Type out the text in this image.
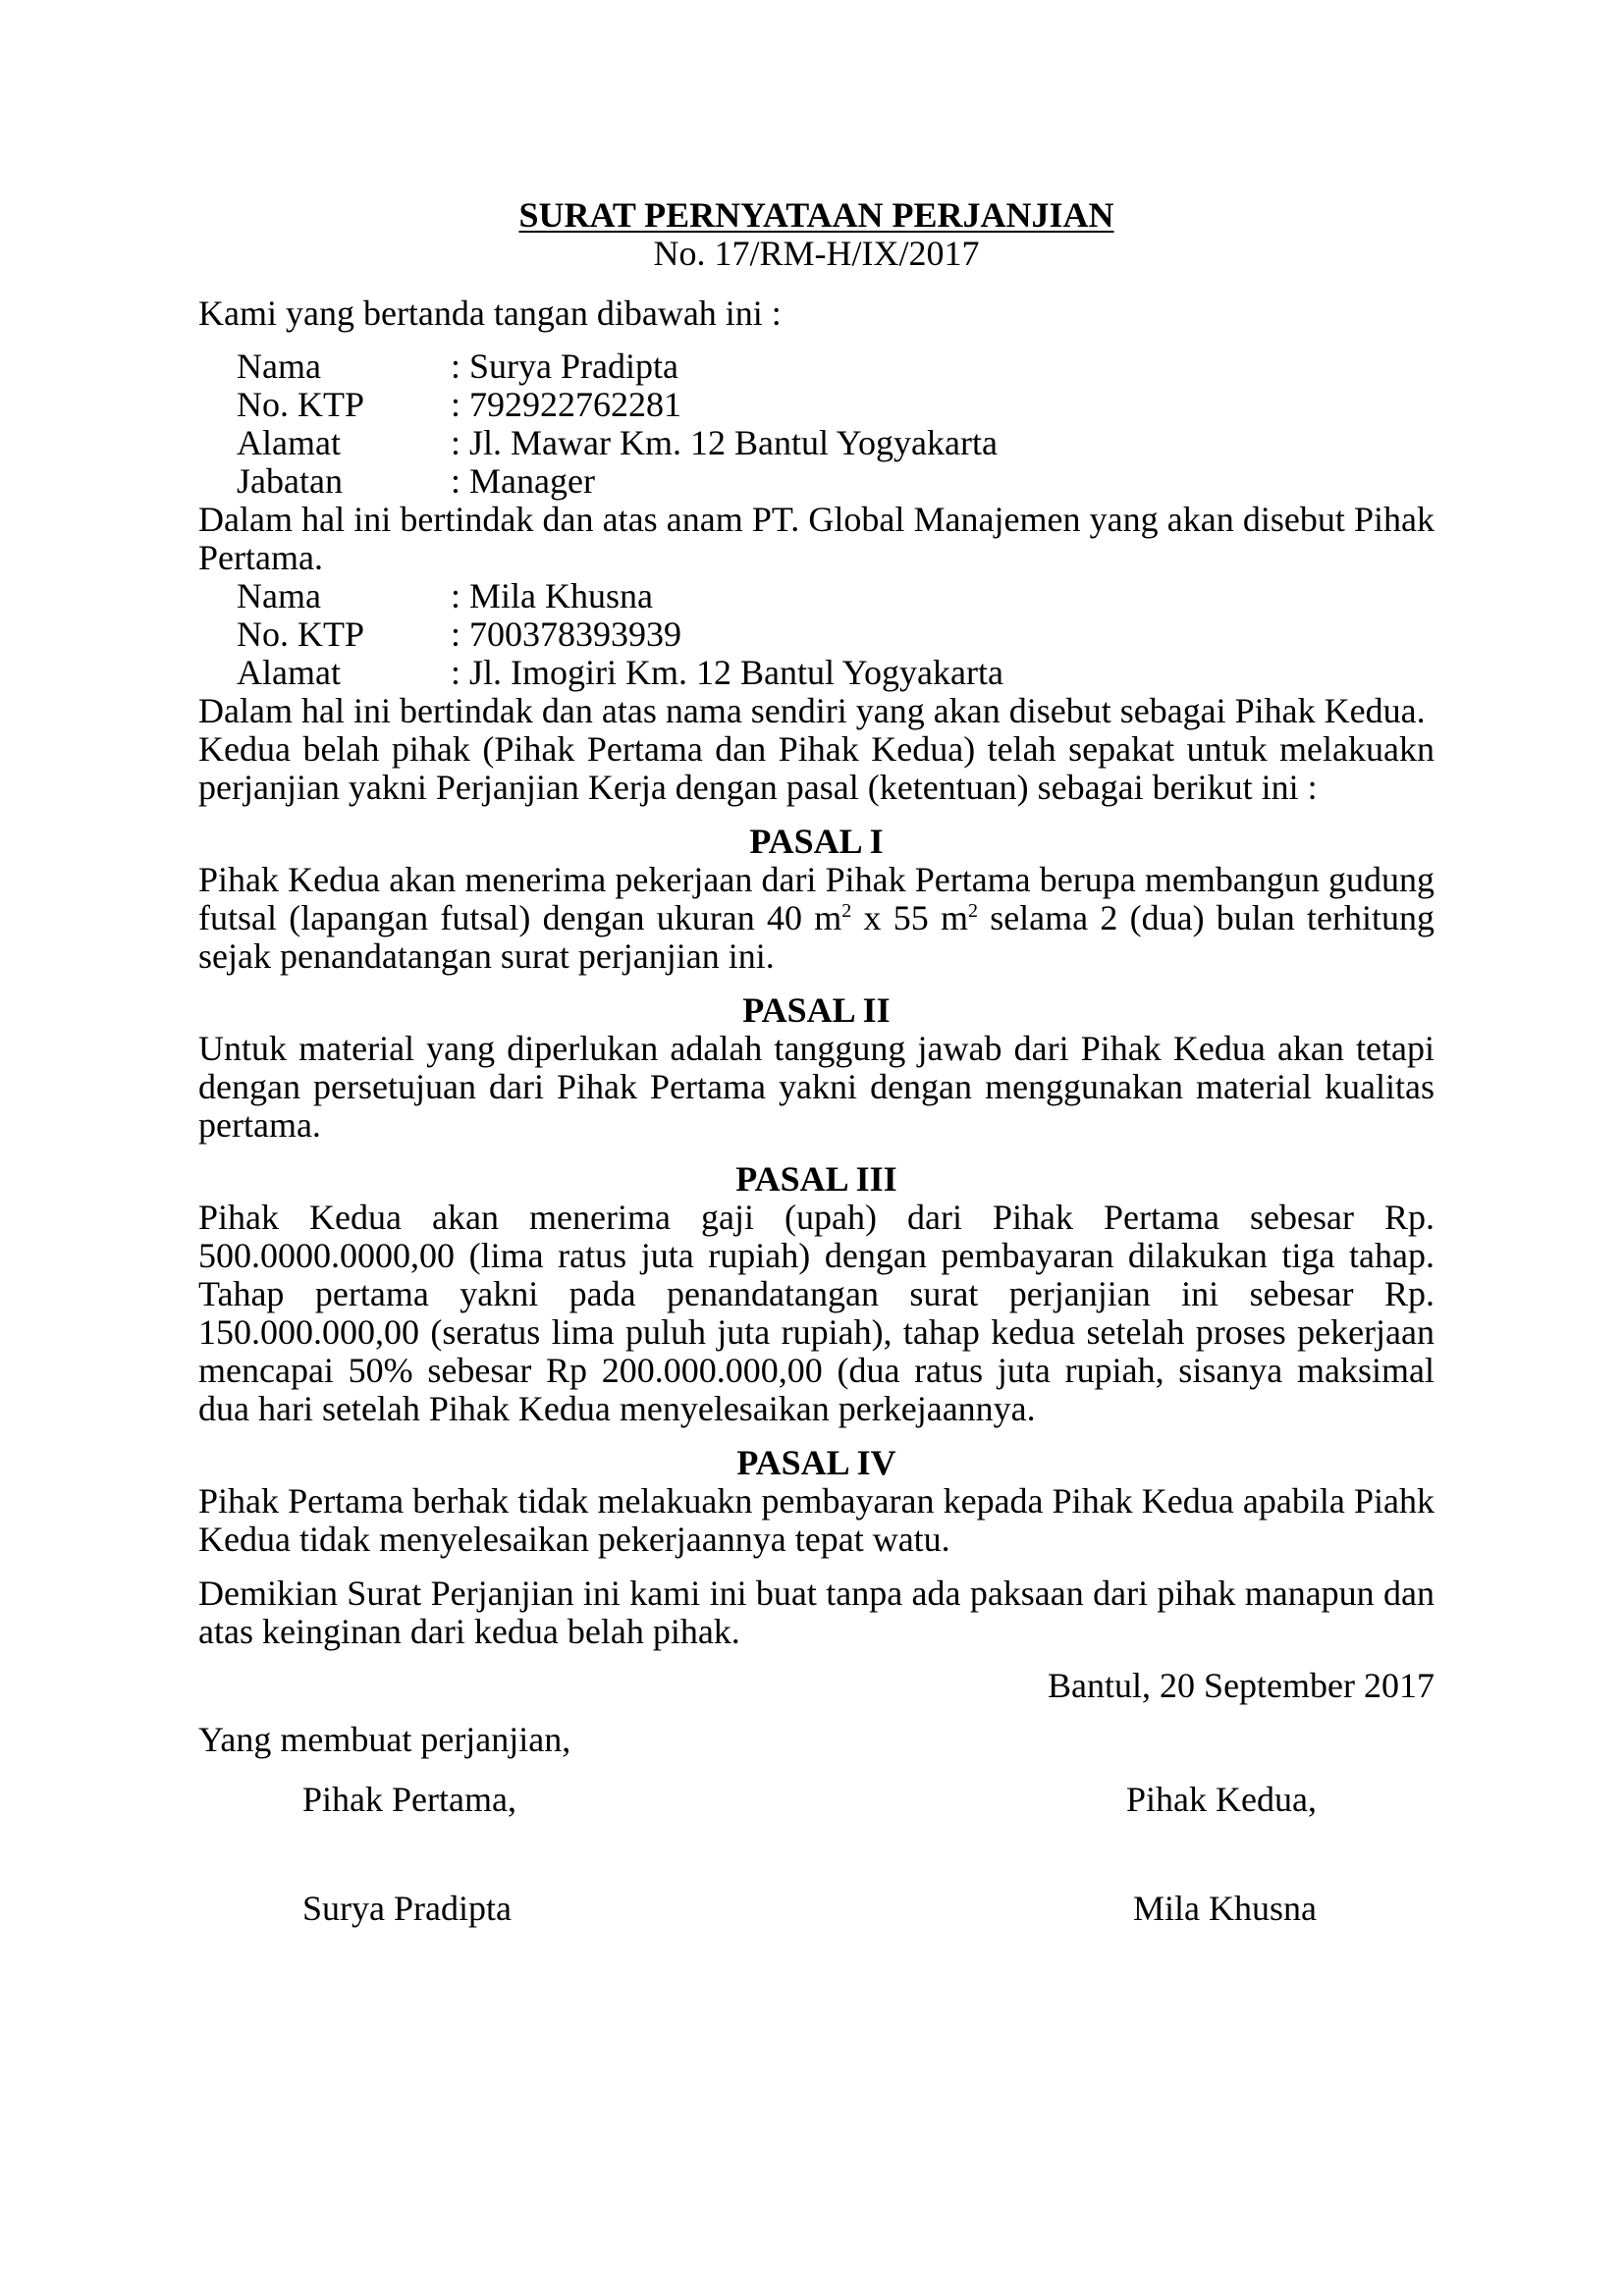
SURAT PERNYATAAN PERJANJIAN

No. 17/RM-H/IX/2017

Kami yang bertanda tangan dibawah ini :

Nama	: Surya Pradipta
No. KTP	: 792922762281
Alamat	: Jl. Mawar Km. 12 Bantul Yogyakarta
Jabatan	: Manager

Dalam hal ini bertindak dan atas anam PT. Global Manajemen yang akan disebut Pihak Pertama.

Nama	: Mila Khusna
No. KTP	: 700378393939
Alamat	: Jl. Imogiri Km. 12 Bantul Yogyakarta

Dalam hal ini bertindak dan atas nama sendiri yang akan disebut sebagai Pihak Kedua.

Kedua belah pihak (Pihak Pertama dan Pihak Kedua) telah sepakat untuk melakuakn perjanjian yakni Perjanjian Kerja dengan pasal (ketentuan) sebagai berikut ini :

PASAL I

Pihak Kedua akan menerima pekerjaan dari Pihak Pertama berupa membangun gudung futsal (lapangan futsal) dengan ukuran 40 $m^2$ x 55 $m^2$ selama 2 (dua) bulan terhitung sejak penandatangan surat perjanjian ini.

PASAL II

Untuk material yang diperlukan adalah tanggung jawab dari Pihak Kedua akan tetapi dengan persetujuan dari Pihak Pertama yakni dengan menggunakan material kualitas pertama.

PASAL III

Pihak Kedua akan menerima gaji (upah) dari Pihak Pertama sebesar Rp. 500.0000.0000,00 (lima ratus juta rupiah) dengan pembayaran dilakukan tiga tahap. Tahap pertama yakni pada penandatangan surat perjanjian ini sebesar Rp. 150.000.000,00 (seratus lima puluh juta rupiah), tahap kedua setelah proses pekerjaan mencapai 50% sebesar Rp 200.000.000,00 (dua ratus juta rupiah, sisanya maksimal dua hari setelah Pihak Kedua menyelesaikan perkejaannya.

PASAL IV

Pihak Pertama berhak tidak melakuakn pembayaran kepada Pihak Kedua apabila Piahk Kedua tidak menyelesaikan pekerjaannya tepat watu.

Demikian Surat Perjanjian ini kami ini buat tanpa ada paksaan dari pihak manapun dan atas keinginan dari kedua belah pihak.

Bantul, 20 September 2017

Yang membuat perjanjian,

Pihak Pertama,	Pihak Kedua,
Surya Pradipta	Mila Khusna
